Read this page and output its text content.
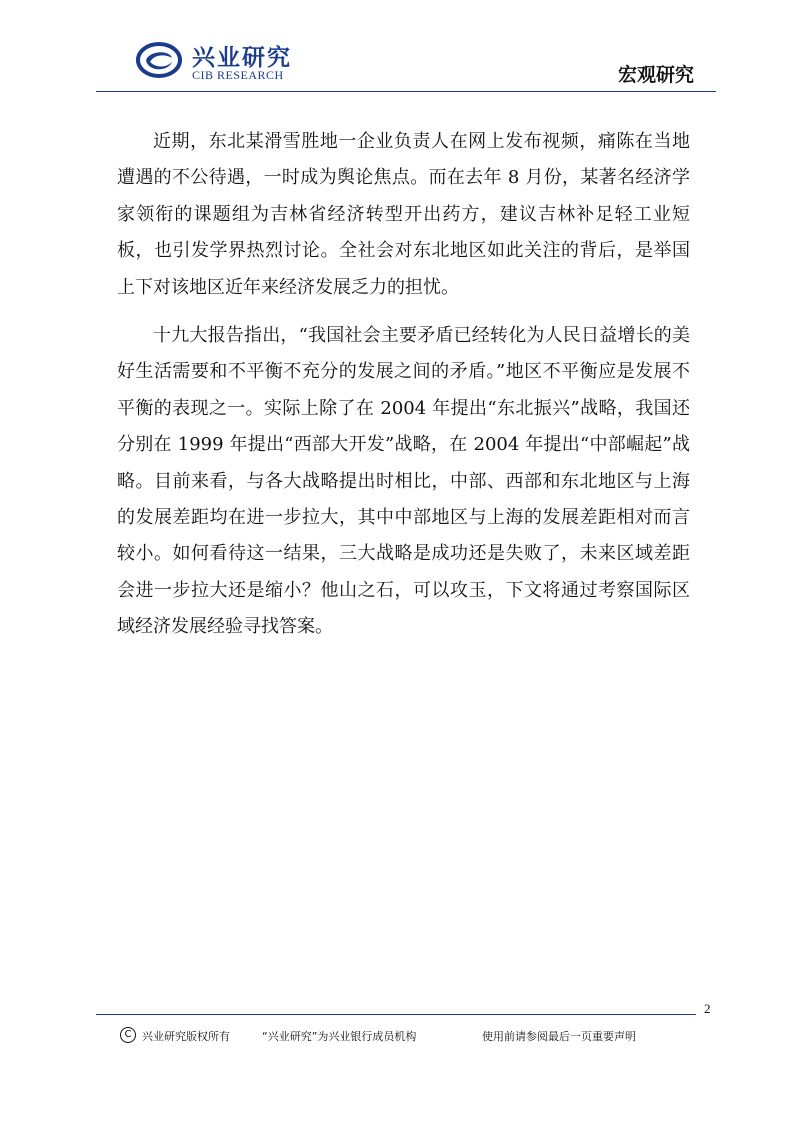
兴业研究
CIB RESEARCH	宏观研究

近期，东北某滑雪胜地一企业负责人在网上发布视频，痛陈在当地遭遇的不公待遇，一时成为舆论焦点。而在去年 8 月份，某著名经济学家领衔的课题组为吉林省经济转型开出药方，建议吉林补足轻工业短板，也引发学界热烈讨论。全社会对东北地区如此关注的背后，是举国上下对该地区近年来经济发展乏力的担忧。

十九大报告指出，“我国社会主要矛盾已经转化为人民日益增长的美好生活需要和不平衡不充分的发展之间的矛盾。”地区不平衡应是发展不平衡的表现之一。实际上除了在 2004 年提出“东北振兴”战略，我国还分别在 1999 年提出“西部大开发”战略，在 2004 年提出“中部崛起”战略。目前来看，与各大战略提出时相比，中部、西部和东北地区与上海的发展差距均在进一步拉大，其中中部地区与上海的发展差距相对而言较小。如何看待这一结果，三大战略是成功还是失败了，未来区域差距会进一步拉大还是缩小？他山之石，可以攻玉，下文将通过考察国际区域经济发展经验寻找答案。

2
C 兴业研究版权所有	“兴业研究”为兴业银行成员机构	使用前请参阅最后一页重要声明
